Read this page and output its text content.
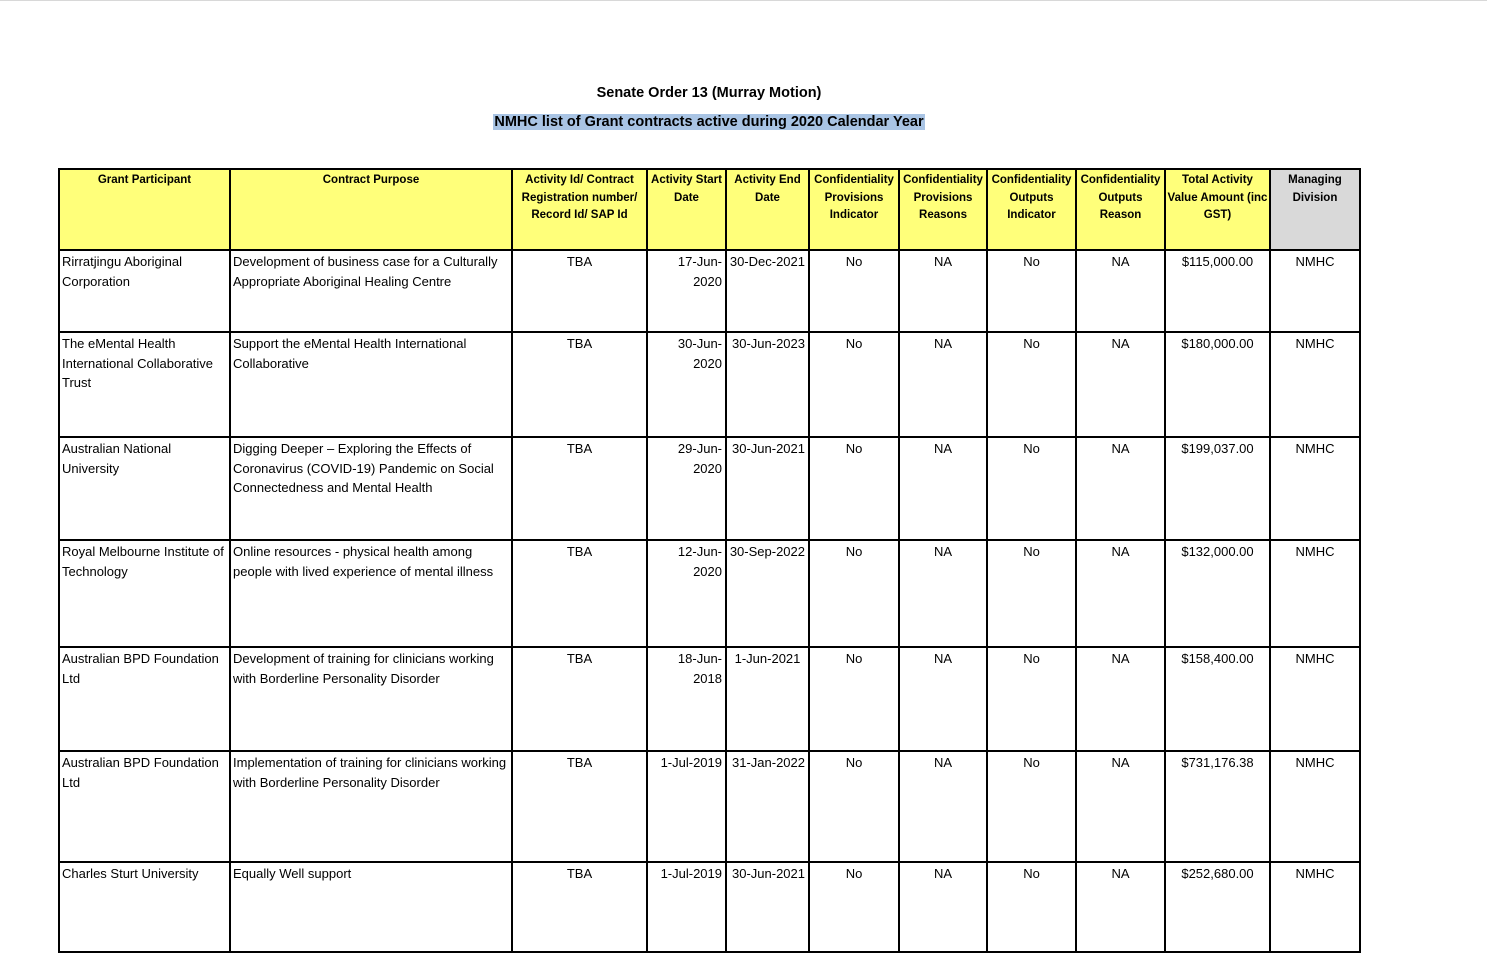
Senate Order 13 (Murray Motion)
NMHC list of Grant contracts active during 2020 Calendar Year
Grant Participant	Contract Purpose	Activity Id/ Contract Registration number/ Record Id/ SAP Id	Activity Start Date	Activity End Date	Confidentiality Provisions Indicator	Confidentiality Provisions Reasons	Confidentiality Outputs Indicator	Confidentiality Outputs Reason	Total Activity Value Amount (inc GST)	Managing Division
Rirratjingu Aboriginal Corporation	Development of business case for a Culturally Appropriate Aboriginal Healing Centre	TBA	17-Jun-2020	30-Dec-2021	No	NA	No	NA	$115,000.00	NMHC
The eMental Health International Collaborative Trust	Support the eMental Health International Collaborative	TBA	30-Jun-2020	30-Jun-2023	No	NA	No	NA	$180,000.00	NMHC
Australian National University	Digging Deeper – Exploring the Effects of Coronavirus (COVID-19) Pandemic on Social Connectedness and Mental Health	TBA	29-Jun-2020	30-Jun-2021	No	NA	No	NA	$199,037.00	NMHC
Royal Melbourne Institute of Technology	Online resources - physical health among people with lived experience of mental illness	TBA	12-Jun-2020	30-Sep-2022	No	NA	No	NA	$132,000.00	NMHC
Australian BPD Foundation Ltd	Development of training for clinicians working with Borderline Personality Disorder	TBA	18-Jun-2018	1-Jun-2021	No	NA	No	NA	$158,400.00	NMHC
Australian BPD Foundation Ltd	Implementation of training for clinicians working with Borderline Personality Disorder	TBA	1-Jul-2019	31-Jan-2022	No	NA	No	NA	$731,176.38	NMHC
Charles Sturt University	Equally Well support	TBA	1-Jul-2019	30-Jun-2021	No	NA	No	NA	$252,680.00	NMHC
